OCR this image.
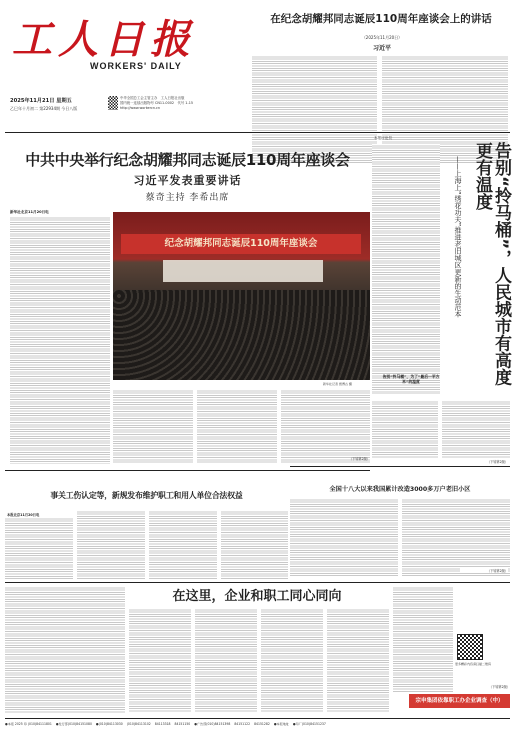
工人日报
WORKERS' DAILY
2025年11月21日 星期五
乙巳年十月初二 第22934期 今日八版
中华全国总工会主管主办　 工人日报社出版
国内统一连续出版物号 CN11-0002　 代号 1-15
http://www.workercn.cn
在纪念胡耀邦同志诞辰110周年座谈会上的讲话
（2025年11月20日）
习近平
中共中央举行纪念胡耀邦同志诞辰110周年座谈会
习近平发表重要讲话
蔡奇主持 李希出席
新华社北京11月20日电
纪念胡耀邦同志诞辰110周年座谈会
新华社记者 殷博古 摄
（下转第2版）
本报评论员
告别“拎马桶”，人民城市有高度更有温度
——上海上“绣花功夫”推进老旧城区更新的生动范本
告别“拎马桶”，为了“最后一平方米”的温度
（下转第2版）
全国十八大以来我国累计改造3000多万户老旧小区
（下转第2版）
事关工伤认定等，新规发布维护职工和用人单位合法权益
本报北京11月20日电
在这里，企业和职工同心同向
更多精彩内容请扫描二维码
（下转第2版）
宗申集团依靠职工办企业调查（中）
●本报 2025 印 (010)84111801 ●发行部(010)84151080 ●(010)84113030 (010)84113102 84113318 84151150 ●广告部(010)84151398 84151122 84151282 ●本报地址 ●印厂(010)84151237
